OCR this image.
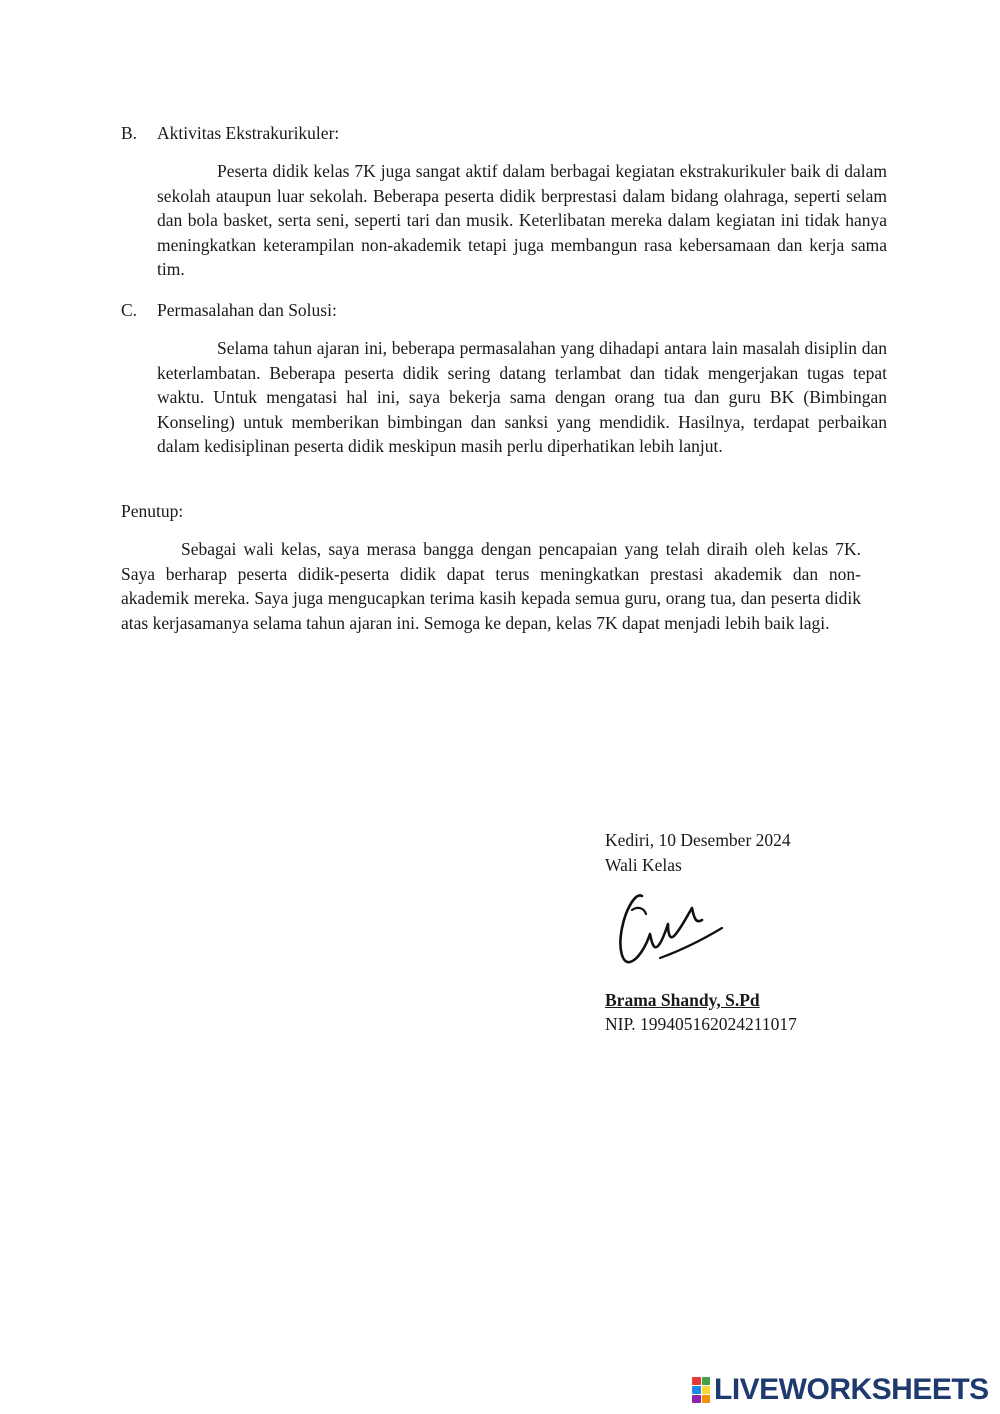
B. Aktivitas Ekstrakurikuler:
Peserta didik kelas 7K juga sangat aktif dalam berbagai kegiatan ekstrakurikuler baik di dalam sekolah ataupun luar sekolah. Beberapa peserta didik berprestasi dalam bidang olahraga, seperti selam dan bola basket, serta seni, seperti tari dan musik. Keterlibatan mereka dalam kegiatan ini tidak hanya meningkatkan keterampilan non-akademik tetapi juga membangun rasa kebersamaan dan kerja sama tim.
C. Permasalahan dan Solusi:
Selama tahun ajaran ini, beberapa permasalahan yang dihadapi antara lain masalah disiplin dan keterlambatan. Beberapa peserta didik sering datang terlambat dan tidak mengerjakan tugas tepat waktu. Untuk mengatasi hal ini, saya bekerja sama dengan orang tua dan guru BK (Bimbingan Konseling) untuk memberikan bimbingan dan sanksi yang mendidik. Hasilnya, terdapat perbaikan dalam kedisiplinan peserta didik meskipun masih perlu diperhatikan lebih lanjut.
Penutup:
Sebagai wali kelas, saya merasa bangga dengan pencapaian yang telah diraih oleh kelas 7K. Saya berharap peserta didik-peserta didik dapat terus meningkatkan prestasi akademik dan non- akademik mereka. Saya juga mengucapkan terima kasih kepada semua guru, orang tua, dan peserta didik atas kerjasamanya selama tahun ajaran ini. Semoga ke depan, kelas 7K dapat menjadi lebih baik lagi.
Kediri, 10 Desember 2024
Wali Kelas
Brama Shandy, S.Pd
NIP. 199405162024211017
LIVEWORKSHEETS
